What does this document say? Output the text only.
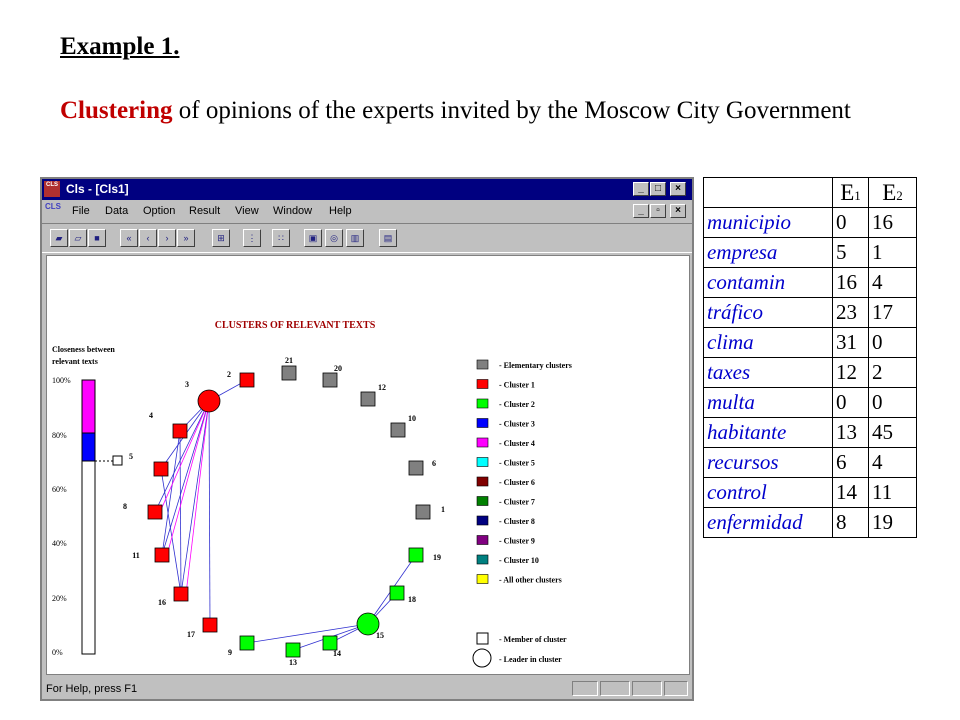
Example 1.

Clustering of opinions of the experts invited by the Moscow City Government

CLS Cls - [Cls1]	_	□	×
CLS File Data Option Result View Window Help	_	▫	×
▰	▱	■	«	‹	›	»	⊞	⋮	∷	▣	◎	▥	▤
CLUSTERS OF RELEVANT TEXTS
Closeness between
relevant texts
100%
80%
60%
40%
20%
0%
5
2
21
20
12
10
6
1
19
18
15
14
13
9
17
16
11
8
4
3
- Elementary clusters
- Cluster 1
- Cluster 2
- Cluster 3
- Cluster 4
- Cluster 5
- Cluster 6
- Cluster 7
- Cluster 8
- Cluster 9
- Cluster 10
- All other clusters
- Member of cluster
- Leader in cluster
For Help, press F1
	E1	E2
municipio	0	16
empresa	5	1
contamin	16	4
tráfico	23	17
clima	31	0
taxes	12	2
multa	0	0
habitante	13	45
recursos	6	4
control	14	11
enfermidad	8	19
